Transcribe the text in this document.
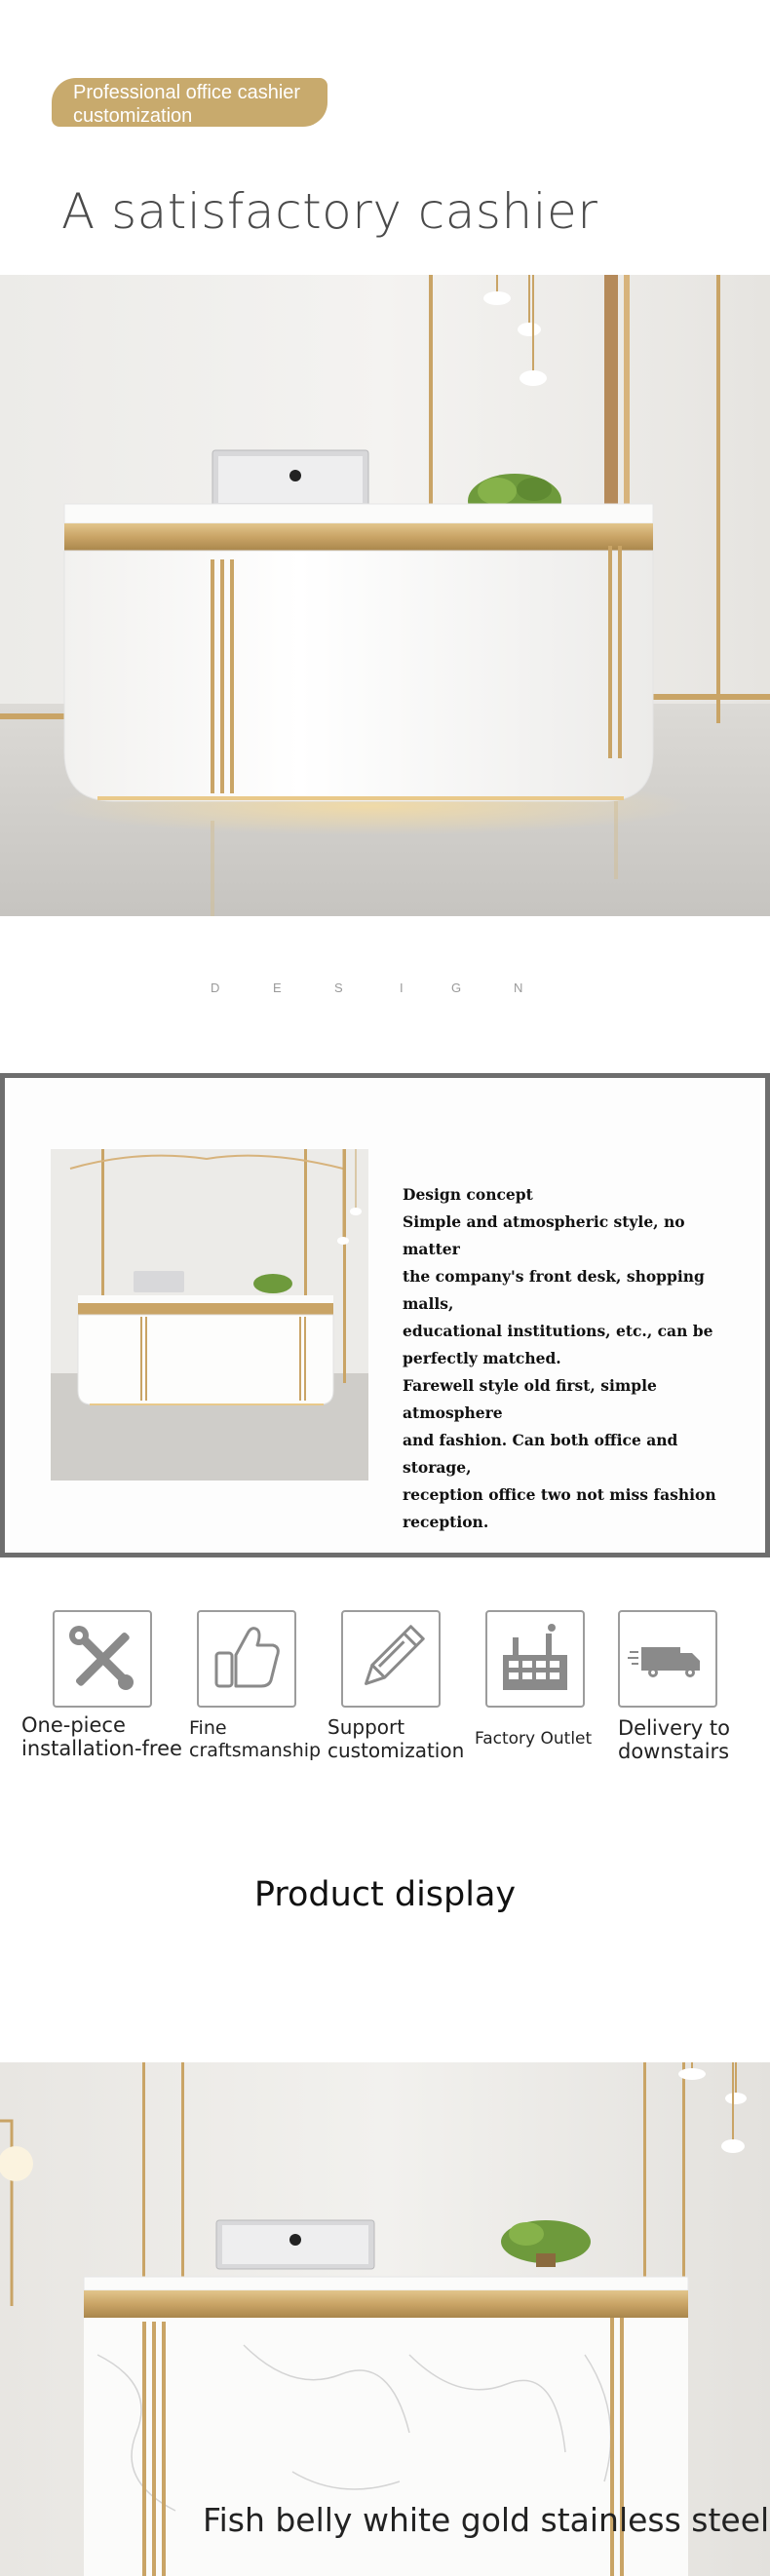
Professional office cashier
customization
A satisfactory cashier
D	E	S	I	G	N

Design concept

Simple and atmospheric style, no matter

the company's front desk, shopping malls,

educational institutions, etc., can be

perfectly matched.

Farewell style old first, simple atmosphere

and fashion. Can both office and storage,

reception office two not miss fashion

reception.

One-piece
installation-free
Fine
craftsmanship
Support
customization Factory Outlet Delivery to
downstairs
Product display
Fish belly white gold stainless steel
